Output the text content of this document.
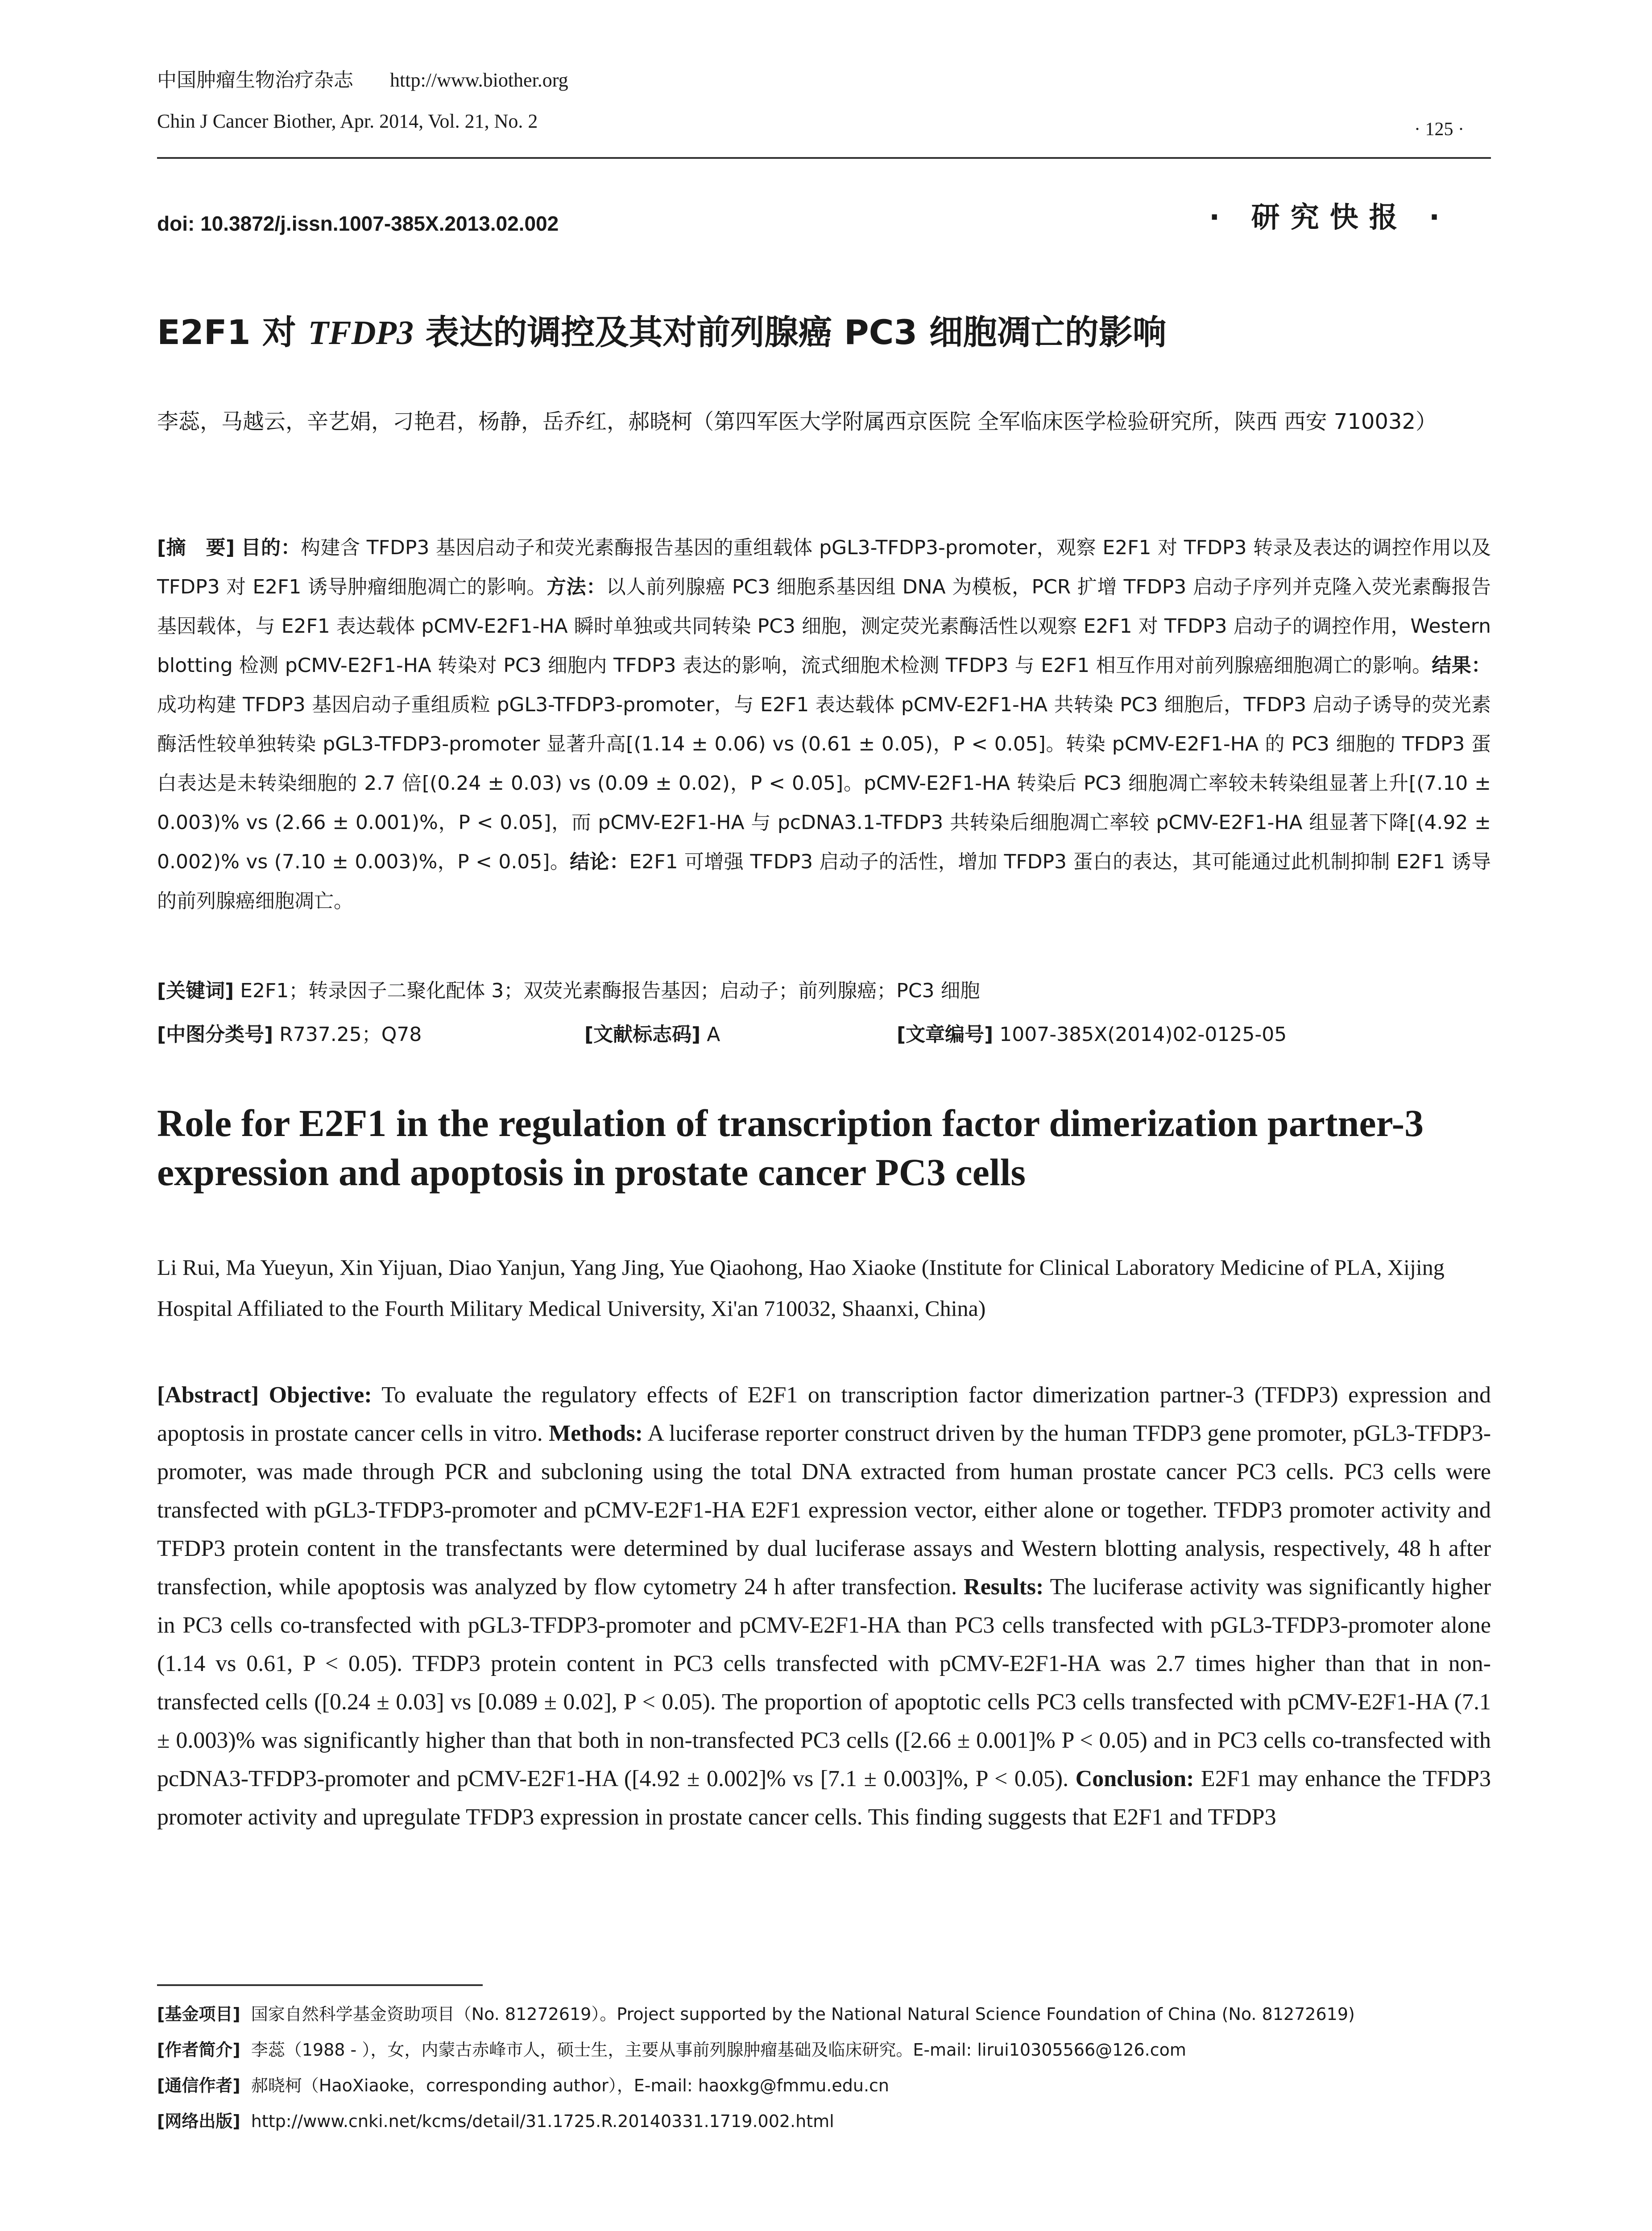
中国肿瘤生物治疗杂志 http://www.biother.org
Chin J Cancer Biother, Apr. 2014, Vol. 21, No. 2	· 125 ·
doi: 10.3872/j.issn.1007-385X.2013.02.002	· 研究快报 ·
E2F1 对 TFDP3 表达的调控及其对前列腺癌 PC3 细胞凋亡的影响
李蕊，马越云，辛艺娟，刁艳君，杨静，岳乔红，郝晓柯（第四军医大学附属西京医院 全军临床医学检验研究所，陕西 西安 710032）
[摘　要] 目的：构建含 TFDP3 基因启动子和荧光素酶报告基因的重组载体 pGL3-TFDP3-promoter，观察 E2F1 对 TFDP3 转录及表达的调控作用以及 TFDP3 对 E2F1 诱导肿瘤细胞凋亡的影响。方法：以人前列腺癌 PC3 细胞系基因组 DNA 为模板，PCR 扩增 TFDP3 启动子序列并克隆入荧光素酶报告基因载体，与 E2F1 表达载体 pCMV-E2F1-HA 瞬时单独或共同转染 PC3 细胞，测定荧光素酶活性以观察 E2F1 对 TFDP3 启动子的调控作用，Western blotting 检测 pCMV-E2F1-HA 转染对 PC3 细胞内 TFDP3 表达的影响，流式细胞术检测 TFDP3 与 E2F1 相互作用对前列腺癌细胞凋亡的影响。结果：成功构建 TFDP3 基因启动子重组质粒 pGL3-TFDP3-promoter，与 E2F1 表达载体 pCMV-E2F1-HA 共转染 PC3 细胞后，TFDP3 启动子诱导的荧光素酶活性较单独转染 pGL3-TFDP3-promoter 显著升高[(1.14 ± 0.06) vs (0.61 ± 0.05)，P < 0.05]。转染 pCMV-E2F1-HA 的 PC3 细胞的 TFDP3 蛋白表达是未转染细胞的 2.7 倍[(0.24 ± 0.03) vs (0.09 ± 0.02)，P < 0.05]。pCMV-E2F1-HA 转染后 PC3 细胞凋亡率较未转染组显著上升[(7.10 ± 0.003)% vs (2.66 ± 0.001)%，P < 0.05]，而 pCMV-E2F1-HA 与 pcDNA3.1-TFDP3 共转染后细胞凋亡率较 pCMV-E2F1-HA 组显著下降[(4.92 ± 0.002)% vs (7.10 ± 0.003)%，P < 0.05]。结论：E2F1 可增强 TFDP3 启动子的活性，增加 TFDP3 蛋白的表达，其可能通过此机制抑制 E2F1 诱导的前列腺癌细胞凋亡。
[关键词] E2F1；转录因子二聚化配体 3；双荧光素酶报告基因；启动子；前列腺癌；PC3 细胞
[中图分类号] R737.25；Q78	[文献标志码] A	[文章编号] 1007-385X(2014)02-0125-05
Role for E2F1 in the regulation of transcription factor dimerization partner-3 expression and apoptosis in prostate cancer PC3 cells
Li Rui, Ma Yueyun, Xin Yijuan, Diao Yanjun, Yang Jing, Yue Qiaohong, Hao Xiaoke (Institute for Clinical Laboratory Medicine of PLA, Xijing Hospital Affiliated to the Fourth Military Medical University, Xi'an 710032, Shaanxi, China)
[Abstract] Objective: To evaluate the regulatory effects of E2F1 on transcription factor dimerization partner-3 (TFDP3) expression and apoptosis in prostate cancer cells in vitro. Methods: A luciferase reporter construct driven by the human TFDP3 gene promoter, pGL3-TFDP3-promoter, was made through PCR and subcloning using the total DNA extracted from human prostate cancer PC3 cells. PC3 cells were transfected with pGL3-TFDP3-promoter and pCMV-E2F1-HA E2F1 expression vector, either alone or together. TFDP3 promoter activity and TFDP3 protein content in the transfectants were determined by dual luciferase assays and Western blotting analysis, respectively, 48 h after transfection, while apoptosis was analyzed by flow cytometry 24 h after transfection. Results: The luciferase activity was significantly higher in PC3 cells co-transfected with pGL3-TFDP3-promoter and pCMV-E2F1-HA than PC3 cells transfected with pGL3-TFDP3-promoter alone (1.14 vs 0.61, P < 0.05). TFDP3 protein content in PC3 cells transfected with pCMV-E2F1-HA was 2.7 times higher than that in non-transfected cells ([0.24 ± 0.03] vs [0.089 ± 0.02], P < 0.05). The proportion of apoptotic cells PC3 cells transfected with pCMV-E2F1-HA (7.1 ± 0.003)% was significantly higher than that both in non-transfected PC3 cells ([2.66 ± 0.001]% P < 0.05) and in PC3 cells co-transfected with pcDNA3-TFDP3-promoter and pCMV-E2F1-HA ([4.92 ± 0.002]% vs [7.1 ± 0.003]%, P < 0.05). Conclusion: E2F1 may enhance the TFDP3 promoter activity and upregulate TFDP3 expression in prostate cancer cells. This finding suggests that E2F1 and TFDP3
[基金项目] 国家自然科学基金资助项目（No. 81272619）。Project supported by the National Natural Science Foundation of China (No. 81272619)
[作者简介] 李蕊（1988 - ），女，内蒙古赤峰市人，硕士生，主要从事前列腺肿瘤基础及临床研究。E-mail: lirui10305566@126.com
[通信作者] 郝晓柯（HaoXiaoke，corresponding author），E-mail: haoxkg@fmmu.edu.cn
[网络出版] http://www.cnki.net/kcms/detail/31.1725.R.20140331.1719.002.html
